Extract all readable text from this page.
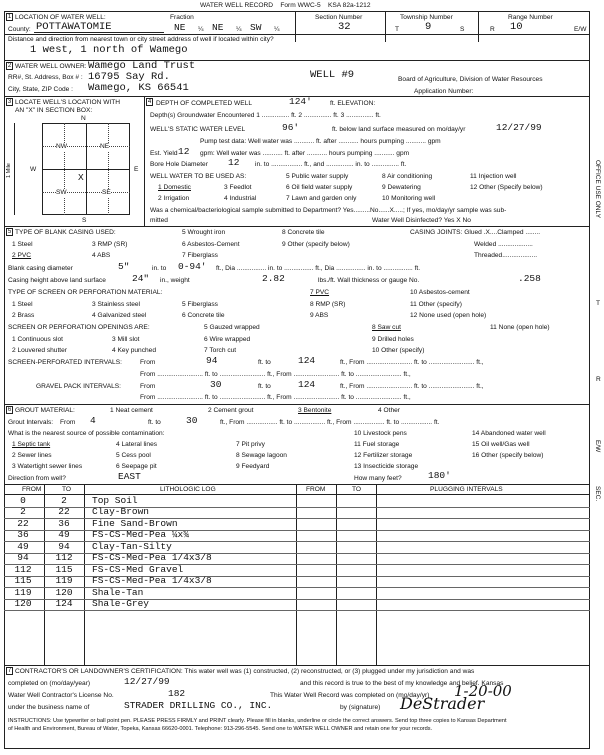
WATER WELL RECORD Form WWC-5 KSA 82a-1212
1 LOCATION OF WATER WELL:	Fraction	Section Number	Township Number	Range Number
County: POTTAWATOMIE	NE ¼ NE ¼ SW ¼	32	T 9	S	R 10	E/W
Distance and direction from nearest town or city street address of well if located within city?
1 west, 1 north of Wamego
2 WATER WELL OWNER: Wamego Land Trust
WELL #9
RR#, St. Address, Box # : 16795 Say Rd.	Board of Agriculture, Division of Water Resources
City, State, ZIP Code : Wamego, KS 66541	Application Number:
3 LOCATE WELL'S LOCATION WITH
AN "X" IN SECTION BOX:
N
NW	NE
SW	SE
W	E
S
X
1 Mile
4 DEPTH OF COMPLETED WELL	124'	ft. ELEVATION:
Depth(s) Groundwater Encountered 1 ............... ft. 2 ............... ft. 3 ............... ft.
WELL'S STATIC WATER LEVEL	96'	ft. below land surface measured on mo/day/yr	12/27/99
Pump test data: Well water was ........... ft. after ........... hours pumping ........... gpm
Est. Yield 12 gpm: Well water was ........... ft. after ........... hours pumping ........... gpm
Bore Hole Diameter 12 in. to ................. ft., and ............... in. to ............... ft.
WELL WATER TO BE USED AS:
1 Domestic	3 Feedlot
5 Public water supply	8 Air conditioning	11 Injection well
2 Irrigation	4 Industrial
6 Oil field water supply	9 Dewatering	12 Other (Specify below)
7 Lawn and garden only	10 Monitoring well
Was a chemical/bacteriological sample submitted to Department? Yes.........No......X.....; If yes, mo/day/yr sample was sub-
mitted	Water Well Disinfected? Yes X No
5 TYPE OF BLANK CASING USED:
1 Steel
2 PVC
3 RMP (SR)
4 ABS
5 Wrought iron
6 Asbestos-Cement
7 Fiberglass
8 Concrete tile
9 Other (specify below)
CASING JOINTS: Glued .X....Clamped ........
Welded ...................
Threaded...................
Blank casing diameter	5"	in. to 0-94' ft., Dia ................ in. to ................ ft., Dia ................ in. to ................ ft.
Casing height above land surface	24" in., weight	2.82	lbs./ft. Wall thickness or gauge No.	.258
TYPE OF SCREEN OR PERFORATION MATERIAL:
1 Steel
2 Brass
3 Stainless steel
4 Galvanized steel
5 Fiberglass
6 Concrete tile
7 PVC
8 RMP (SR)
9 ABS
10 Asbestos-cement
11 Other (specify)
12 None used (open hole)
SCREEN OR PERFORATION OPENINGS ARE:
1 Continuous slot
2 Louvered shutter
3 Mill slot
4 Key punched
5 Gauzed wrapped
6 Wire wrapped
7 Torch cut
8 Saw cut
9 Drilled holes
10 Other (specify)
11 None (open hole)
SCREEN-PERFORATED INTERVALS:	From	94	ft. to	124	ft., From ......................... ft. to ......................... ft.,
From ......................... ft. to ......................... ft., From ......................... ft. to ......................... ft.,
GRAVEL PACK INTERVALS:	From	30	ft. to	124	ft., From ......................... ft. to ......................... ft.,
From ......................... ft. to ......................... ft., From ......................... ft. to ......................... ft.,
6 GROUT MATERIAL:	1 Neat cement	2 Cement grout	3 Bentonite	4 Other
Grout Intervals: From 4	ft. to	30	ft., From ................. ft. to ................. ft., From ................. ft. to ................. ft.
What is the nearest source of possible contamination:
1 Septic tank
2 Sewer lines
3 Watertight sewer lines
4 Lateral lines
5 Cess pool
6 Seepage pit
7 Pit privy
8 Sewage lagoon
9 Feedyard
10 Livestock pens
11 Fuel storage
12 Fertilizer storage
13 Insecticide storage
14 Abandoned water well
15 Oil well/Gas well
16 Other (specify below)
Direction from well?	EAST	How many feet?	180'
FROM	TO	LITHOLOGIC LOG	FROM	TO	PLUGGING INTERVALS
0	2	Top Soil
2	22	Clay-Brown
22	36	Fine Sand-Brown
36	49	FS-CS-Med-Pea ¼x¾
49	94	Clay-Tan-Silty
94	112	FS-CS-Med-Pea 1/4x3/8
112	115	FS-CS-Med Gravel
115	119	FS-CS-Med-Pea 1/4x3/8
119	120	Shale-Tan
120	124	Shale-Grey
7 CONTRACTOR'S OR LANDOWNER'S CERTIFICATION: This water well was (1) constructed, (2) reconstructed, or (3) plugged under my jurisdiction and was
completed on (mo/day/year)	12/27/99	and this record is true to the best of my knowledge and belief. Kansas
Water Well Contractor's License No.	182	This Water Well Record was completed on (mo/day/yr) 1-20-00
under the business name of	STRADER DRILLING CO., INC.	by (signature) DeStrader
INSTRUCTIONS: Use typewriter or ball point pen. PLEASE PRESS FIRMLY and PRINT clearly. Please fill in blanks, underline or circle the correct answers. Send top three copies to Kansas Department
of Health and Environment, Bureau of Water, Topeka, Kansas 66620-0001. Telephone: 913-296-5545. Send one to WATER WELL OWNER and retain one for your records.
OFFICE USE ONLY
T
R
E/W
SEC.
